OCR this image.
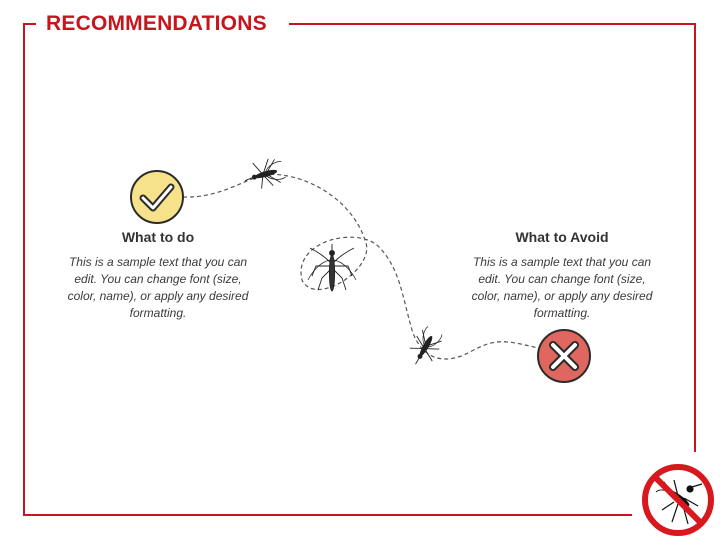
RECOMMENDATIONS
What to do

This is a sample text that you can edit. You can change font (size, color, name), or apply any desired formatting.

What to Avoid

This is a sample text that you can edit. You can change font (size, color, name), or apply any desired formatting.
